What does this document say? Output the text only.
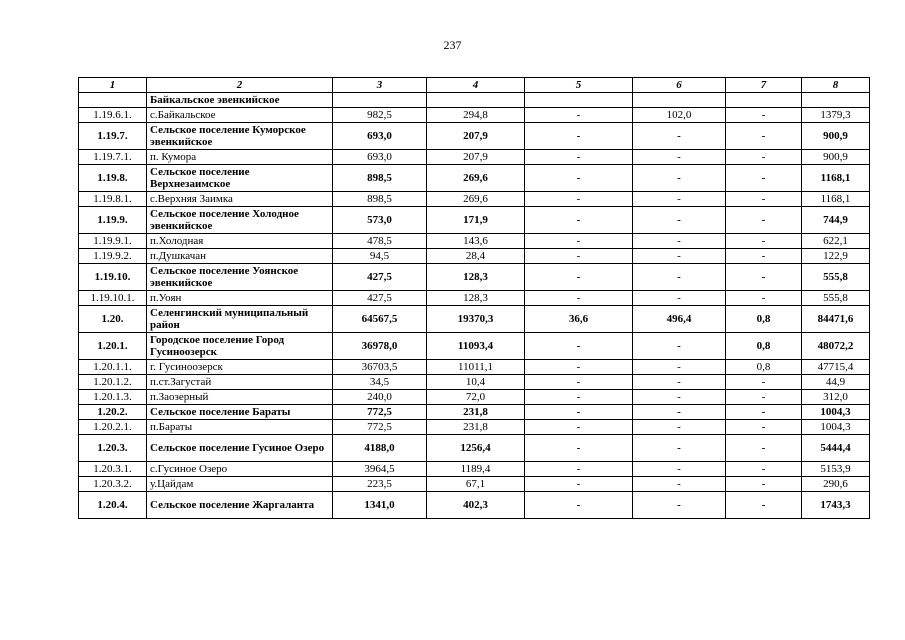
237
1	2	3	4	5	6	7	8
	Байкальское эвенкийское						
1.19.6.1.	с.Байкальское	982,5	294,8	-	102,0	-	1379,3
1.19.7.	Сельское поселение Куморское эвенкийское	693,0	207,9	-	-	-	900,9
1.19.7.1.	п. Кумора	693,0	207,9	-	-	-	900,9
1.19.8.	Сельское поселение Верхнезаимское	898,5	269,6	-	-	-	1168,1
1.19.8.1.	с.Верхняя Заимка	898,5	269,6	-	-	-	1168,1
1.19.9.	Сельское поселение Холодное эвенкийское	573,0	171,9	-	-	-	744,9
1.19.9.1.	п.Холодная	478,5	143,6	-	-	-	622,1
1.19.9.2.	п.Душкачан	94,5	28,4	-	-	-	122,9
1.19.10.	Сельское поселение Уоянское эвенкийское	427,5	128,3	-	-	-	555,8
1.19.10.1.	п.Уоян	427,5	128,3	-	-	-	555,8
1.20.	Селенгинский муниципальный район	64567,5	19370,3	36,6	496,4	0,8	84471,6
1.20.1.	Городское поселение Город Гусиноозерск	36978,0	11093,4	-	-	0,8	48072,2
1.20.1.1.	г. Гусиноозерск	36703,5	11011,1	-	-	0,8	47715,4
1.20.1.2.	п.ст.Загустай	34,5	10,4	-	-	-	44,9
1.20.1.3.	п.Заозерный	240,0	72,0	-	-	-	312,0
1.20.2.	Сельское поселение Бараты	772,5	231,8	-	-	-	1004,3
1.20.2.1.	п.Бараты	772,5	231,8	-	-	-	1004,3
1.20.3.	Сельское поселение Гусиное Озеро	4188,0	1256,4	-	-	-	5444,4
1.20.3.1.	с.Гусиное Озеро	3964,5	1189,4	-	-	-	5153,9
1.20.3.2.	у.Цайдам	223,5	67,1	-	-	-	290,6
1.20.4.	Сельское поселение Жаргаланта	1341,0	402,3	-	-	-	1743,3
